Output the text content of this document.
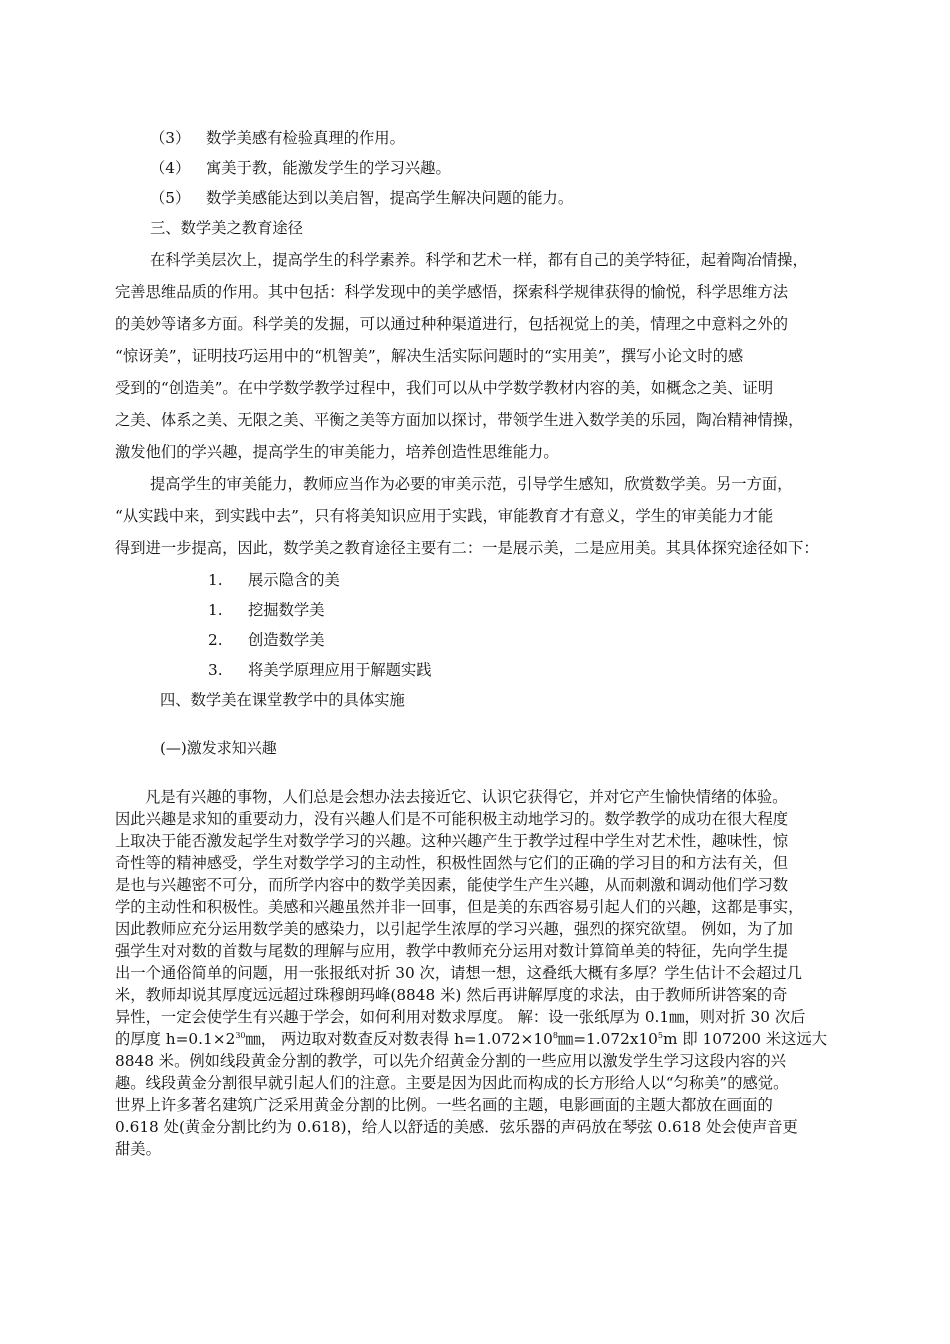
（3） 数学美感有检验真理的作用。
（4） 寓美于教，能激发学生的学习兴趣。
（5） 数学美感能达到以美启智，提高学生解决问题的能力。
三、数学美之教育途径
在科学美层次上，提高学生的科学素养。科学和艺术一样，都有自己的美学特征，起着陶冶情操，
完善思维品质的作用。其中包括：科学发现中的美学感悟，探索科学规律获得的愉悦，科学思维方法
的美妙等诸多方面。科学美的发掘，可以通过种种渠道进行，包括视觉上的美，情理之中意料之外的
“惊讶美”，证明技巧运用中的“机智美”，解决生活实际问题时的“实用美”，撰写小论文时的感
受到的“创造美”。在中学数学教学过程中，我们可以从中学数学教材内容的美，如概念之美、证明
之美、体系之美、无限之美、平衡之美等方面加以探讨，带领学生进入数学美的乐园，陶冶精神情操，
激发他们的学兴趣，提高学生的审美能力，培养创造性思维能力。
提高学生的审美能力，教师应当作为必要的审美示范，引导学生感知，欣赏数学美。另一方面，
“从实践中来，到实践中去”，只有将美知识应用于实践，审能教育才有意义，学生的审美能力才能
得到进一步提高，因此，数学美之教育途径主要有二：一是展示美，二是应用美。其具体探究途径如下：
1. 展示隐含的美
1. 挖掘数学美
2. 创造数学美
3. 将美学原理应用于解题实践
四、数学美在课堂教学中的具体实施
(—)激发求知兴趣
凡是有兴趣的事物，人们总是会想办法去接近它、认识它获得它，并对它产生愉快情绪的体验。
因此兴趣是求知的重要动力，没有兴趣人们是不可能积极主动地学习的。数学教学的成功在很大程度
上取决于能否激发起学生对数学学习的兴趣。这种兴趣产生于教学过程中学生对艺术性，趣味性，惊
奇性等的精神感受，学生对数学学习的主动性，积极性固然与它们的正确的学习目的和方法有关，但
是也与兴趣密不可分，而所学内容中的数学美因素，能使学生产生兴趣，从而刺激和调动他们学习数
学的主动性和积极性。美感和兴趣虽然并非一回事，但是美的东西容易引起人们的兴趣，这都是事实，
因此教师应充分运用数学美的感染力，以引起学生浓厚的学习兴趣，强烈的探究欲望。 例如，为了加
强学生对对数的首数与尾数的理解与应用，教学中教师充分运用对数计算简单美的特征，先向学生提
出一个通俗简单的问题，用一张报纸对折 30 次，请想一想，这叠纸大概有多厚？学生估计不会超过几
米，教师却说其厚度远远超过珠穆朗玛峰(8848 米) 然后再讲解厚度的求法，由于教师所讲答案的奇
异性，一定会使学生有兴趣于学会，如何利用对数求厚度。 解：设一张纸厚为 0.1㎜，则对折 30 次后
的厚度 $h=0.1\times 2^{30}㎜$， 两边取对数查反对数表得 $h=1.072\times 10^8㎜=1.072x10^5m$ 即 107200 米这远大
8848 米。例如线段黄金分割的教学，可以先介绍黄金分割的一些应用以激发学生学习这段内容的兴
趣。线段黄金分割很早就引起人们的注意。主要是因为因此而构成的长方形给人以“匀称美”的感觉。
世界上许多著名建筑广泛采用黄金分割的比例。一些名画的主题，电影画面的主题大都放在画面的
0.618 处(黄金分割比约为 0.618)，给人以舒适的美感．弦乐器的声码放在琴弦 0.618 处会使声音更
甜美。
